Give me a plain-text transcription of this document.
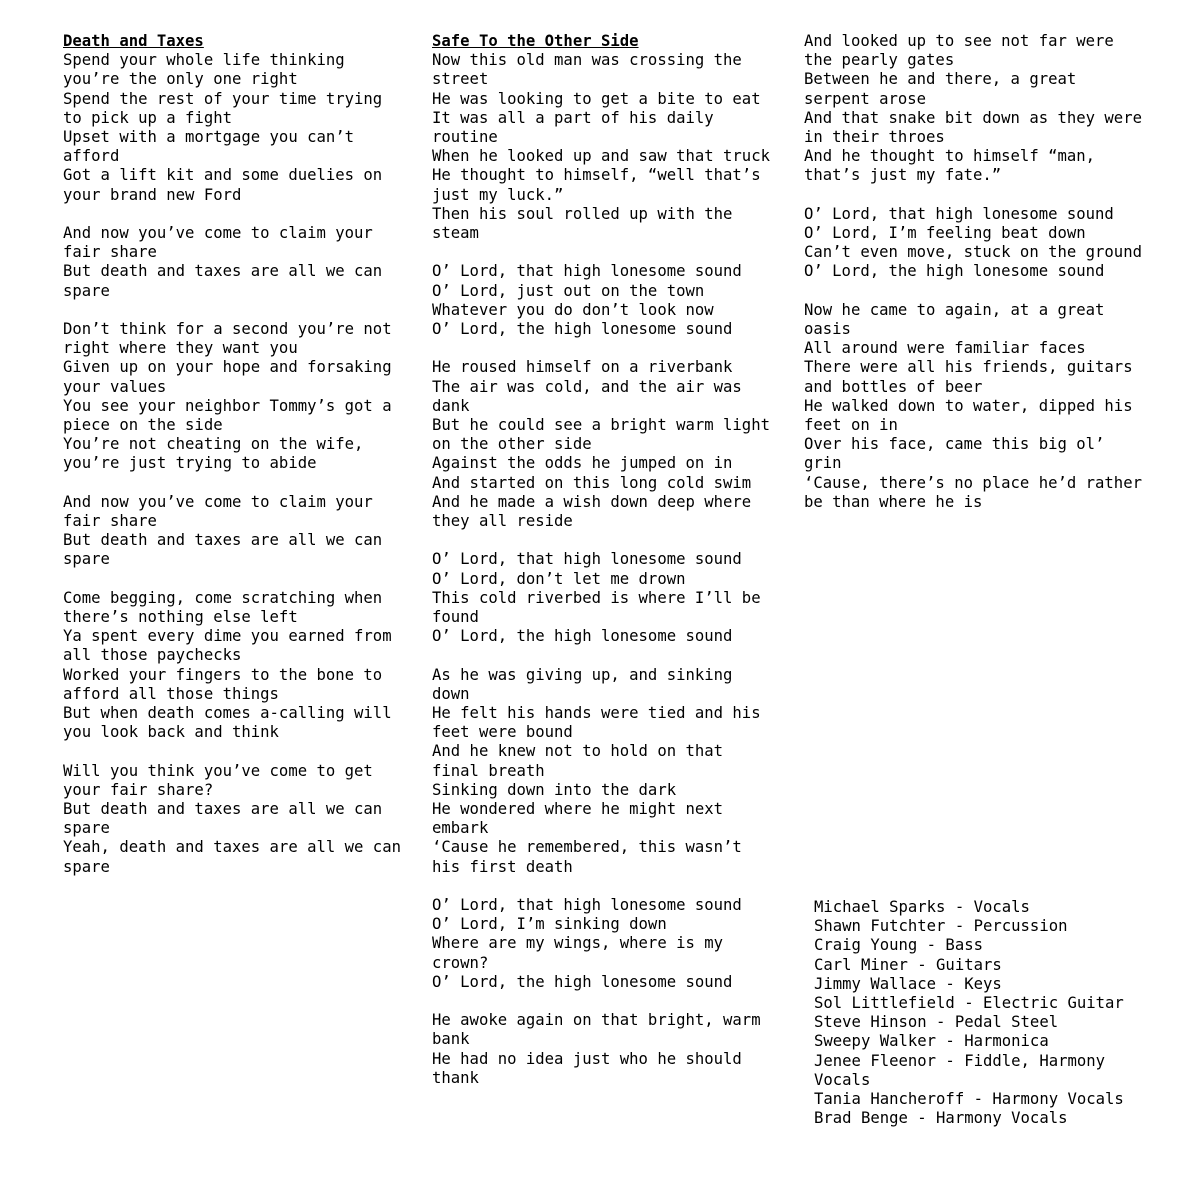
Death and Taxes
Spend your whole life thinking you’re the only one right
Spend the rest of your time trying to pick up a fight
Upset with a mortgage you can’t afford
Got a lift kit and some duelies on your brand new Ford
And now you’ve come to claim your fair share
But death and taxes are all we can spare
Don’t think for a second you’re not right where they want you
Given up on your hope and forsaking your values
You see your neighbor Tommy’s got a piece on the side
You’re not cheating on the wife, you’re just trying to abide
And now you’ve come to claim your fair share
But death and taxes are all we can spare
Come begging, come scratching when there’s nothing else left
Ya spent every dime you earned from all those paychecks
Worked your fingers to the bone to afford all those things
But when death comes a-calling will you look back and think
Will you think you’ve come to get your fair share?
But death and taxes are all we can spare
Yeah, death and taxes are all we can spare
Safe To the Other Side
Now this old man was crossing the street
He was looking to get a bite to eat
It was all a part of his daily routine
When he looked up and saw that truck
He thought to himself, “well that’s just my luck.”
Then his soul rolled up with the steam
O’ Lord, that high lonesome sound
O’ Lord, just out on the town
Whatever you do don’t look now
O’ Lord, the high lonesome sound
He roused himself on a riverbank
The air was cold, and the air was dank
But he could see a bright warm light on the other side
Against the odds he jumped on in
And started on this long cold swim
And he made a wish down deep where they all reside
O’ Lord, that high lonesome sound
O’ Lord, don’t let me drown
This cold riverbed is where I’ll be found
O’ Lord, the high lonesome sound
As he was giving up, and sinking down
He felt his hands were tied and his feet were bound
And he knew not to hold on that final breath
Sinking down into the dark
He wondered where he might next embark
‘Cause he remembered, this wasn’t his first death
O’ Lord, that high lonesome sound
O’ Lord, I’m sinking down
Where are my wings, where is my crown?
O’ Lord, the high lonesome sound
He awoke again on that bright, warm bank
He had no idea just who he should thank
And looked up to see not far were the pearly gates
Between he and there, a great serpent arose
And that snake bit down as they were in their throes
And he thought to himself “man, that’s just my fate.”
O’ Lord, that high lonesome sound
O’ Lord, I’m feeling beat down
Can’t even move, stuck on the ground
O’ Lord, the high lonesome sound
Now he came to again, at a great oasis
All around were familiar faces
There were all his friends, guitars and bottles of beer
He walked down to water, dipped his feet on in
Over his face, came this big ol’ grin
‘Cause, there’s no place he’d rather be than where he is
Michael Sparks - Vocals
Shawn Futchter - Percussion
Craig Young - Bass
Carl Miner - Guitars
Jimmy Wallace - Keys
Sol Littlefield - Electric Guitar
Steve Hinson - Pedal Steel
Sweepy Walker - Harmonica
Jenee Fleenor - Fiddle, Harmony Vocals
Tania Hancheroff - Harmony Vocals
Brad Benge - Harmony Vocals
